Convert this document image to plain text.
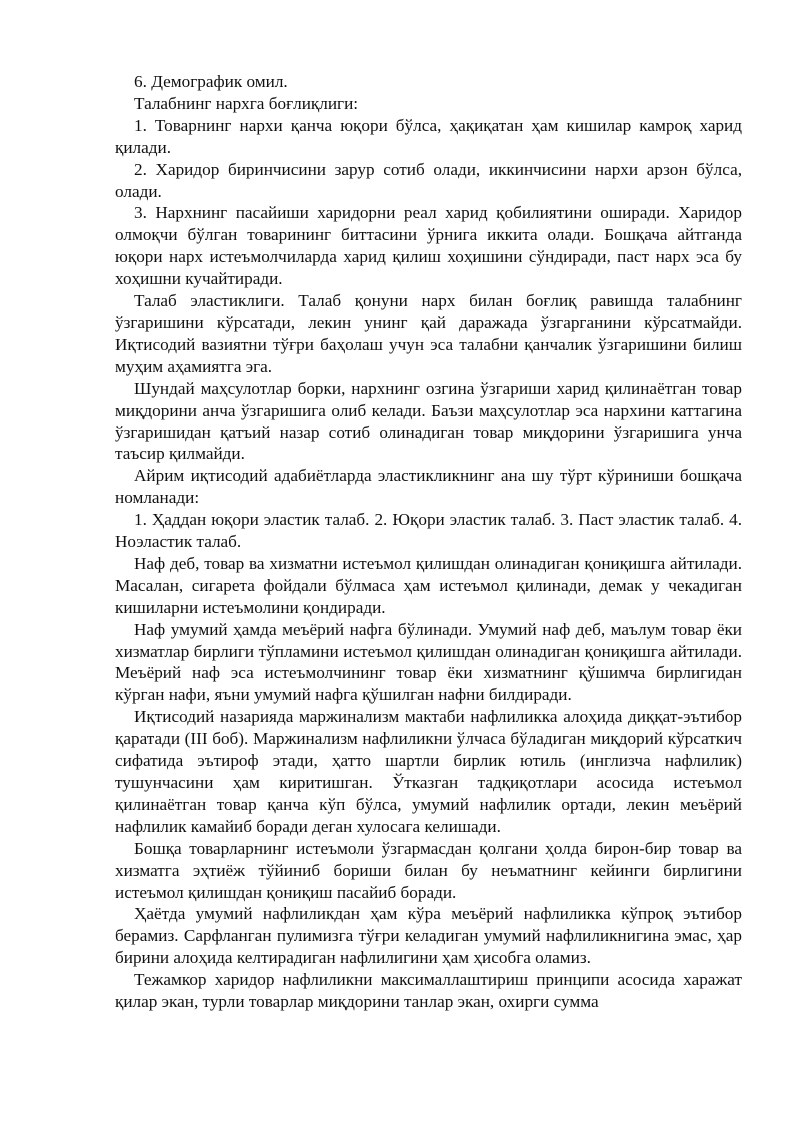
6. Демографик омил.

Талабнинг нархга боғлиқлиги:

1. Товарнинг нархи қанча юқори бўлса, ҳақиқатан ҳам кишилар камроқ харид қилади.

2. Харидор биринчисини зарур сотиб олади, иккинчисини нархи арзон бўлса, олади.

3. Нархнинг пасайиши харидорни реал харид қобилиятини оширади. Харидор олмоқчи бўлган товарининг биттасини ўрнига иккита олади. Бошқача айтганда юқори нарх истеъмолчиларда харид қилиш хоҳишини сўндиради, паст нарх эса бу хоҳишни кучайтиради.

Талаб эластиклиги. Талаб қонуни нарх билан боғлиқ равишда талабнинг ўзгаришини кўрсатади, лекин унинг қай даражада ўзгарганини кўрсатмайди. Иқтисодий вазиятни тўғри баҳолаш учун эса талабни қанчалик ўзгаришини билиш муҳим аҳамиятга эга.

Шундай маҳсулотлар борки, нархнинг озгина ўзгариши харид қилинаётган товар миқдорини анча ўзгаришига олиб келади. Баъзи маҳсулотлар эса нархини каттагина ўзгаришидан қатъий назар сотиб олинадиган товар миқдорини ўзгаришига унча таъсир қилмайди.

Айрим иқтисодий адабиётларда эластикликнинг ана шу тўрт кўриниши бошқача номланади:

1. Ҳаддан юқори эластик талаб. 2. Юқори эластик талаб. 3. Паст эластик талаб. 4. Ноэластик талаб.

Наф деб, товар ва хизматни истеъмол қилишдан олинадиган қониқишга айтилади. Масалан, сигарета фойдали бўлмаса ҳам истеъмол қилинади, демак у чекадиган кишиларни истеъмолини қондиради.

Наф умумий ҳамда меъёрий нафга бўлинади. Умумий наф деб, маълум товар ёки хизматлар бирлиги тўпламини истеъмол қилишдан олинадиган қониқишга айтилади. Меъёрий наф эса истеъмолчининг товар ёки хизматнинг қўшимча бирлигидан кўрган нафи, яъни умумий нафга қўшилган нафни билдиради.

Иқтисодий назарияда маржинализм мактаби нафлиликка алоҳида диққат-эътибор қаратади (III боб). Маржинализм нафлиликни ўлчаса бўладиган миқдорий кўрсаткич сифатида эътироф этади, ҳатто шартли бирлик ютиль (инглизча нафлилик) тушунчасини ҳам киритишган. Ўтказган тадқиқотлари асосида истеъмол қилинаётган товар қанча кўп бўлса, умумий нафлилик ортади, лекин меъёрий нафлилик камайиб боради деган хулосага келишади.

Бошқа товарларнинг истеъмоли ўзгармасдан қолгани ҳолда бирон-бир товар ва хизматга эҳтиёж тўйиниб бориши билан бу неъматнинг кейинги бирлигини истеъмол қилишдан қониқиш пасайиб боради.

Ҳаётда умумий нафлиликдан ҳам кўра меъёрий нафлиликка кўпроқ эътибор берамиз. Сарфланган пулимизга тўғри келадиган умумий нафлиликнигина эмас, ҳар бирини алоҳида келтирадиган нафлилигини ҳам ҳисобга оламиз.

Тежамкор харидор нафлиликни максималлаштириш принципи асосида харажат қилар экан, турли товарлар миқдорини танлар экан, охирги сумма
